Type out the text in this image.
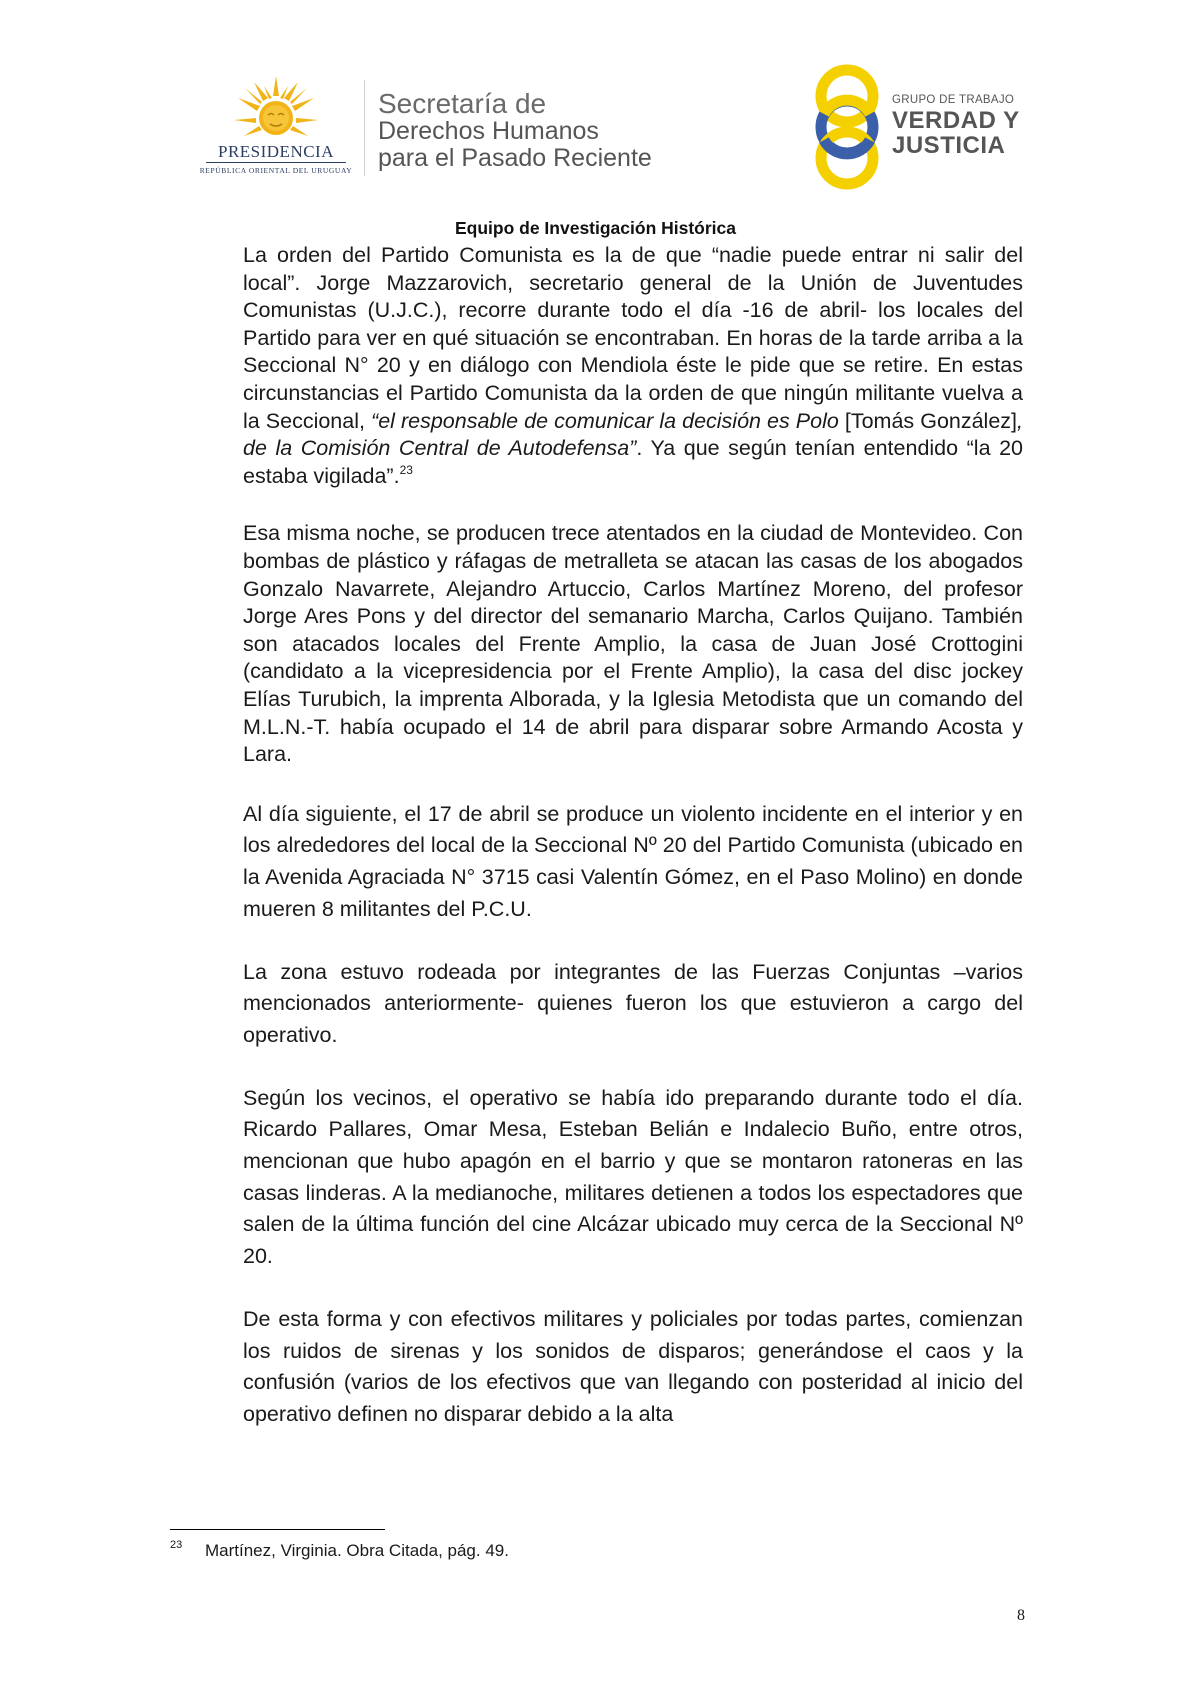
PRESIDENCIA
REPÚBLICA ORIENTAL DEL URUGUAY
Secretaría de
Derechos Humanos
para el Pasado Reciente
GRUPO DE TRABAJO
VERDAD Y
JUSTICIA
Equipo de Investigación Histórica

La orden del Partido Comunista es la de que “nadie puede entrar ni salir del local”. Jorge Mazzarovich, secretario general de la Unión de Juventudes Comunistas (U.J.C.), recorre durante todo el día -16 de abril- los locales del Partido para ver en qué situación se encontraban. En horas de la tarde arriba a la Seccional N° 20 y en diálogo con Mendiola éste le pide que se retire. En estas circunstancias el Partido Comunista da la orden de que ningún militante vuelva a la Seccional, “el responsable de comunicar la decisión es Polo [Tomás González], de la Comisión Central de Autodefensa”. Ya que según tenían entendido “la 20 estaba vigilada”.$^{23}$

Esa misma noche, se producen trece atentados en la ciudad de Montevideo. Con bombas de plástico y ráfagas de metralleta se atacan las casas de los abogados Gonzalo Navarrete, Alejandro Artuccio, Carlos Martínez Moreno, del profesor Jorge Ares Pons y del director del semanario Marcha, Carlos Quijano. También son atacados locales del Frente Amplio, la casa de Juan José Crottogini (candidato a la vicepresidencia por el Frente Amplio), la casa del disc jockey Elías Turubich, la imprenta Alborada, y la Iglesia Metodista que un comando del M.L.N.-T. había ocupado el 14 de abril para disparar sobre Armando Acosta y Lara.

Al día siguiente, el 17 de abril se produce un violento incidente en el interior y en los alrededores del local de la Seccional Nº 20 del Partido Comunista (ubicado en la Avenida Agraciada N° 3715 casi Valentín Gómez, en el Paso Molino) en donde mueren 8 militantes del P.C.U.

La zona estuvo rodeada por integrantes de las Fuerzas Conjuntas –varios mencionados anteriormente- quienes fueron los que estuvieron a cargo del operativo.

Según los vecinos, el operativo se había ido preparando durante todo el día. Ricardo Pallares, Omar Mesa, Esteban Belián e Indalecio Buño, entre otros, mencionan que hubo apagón en el barrio y que se montaron ratoneras en las casas linderas. A la medianoche, militares detienen a todos los espectadores que salen de la última función del cine Alcázar ubicado muy cerca de la Seccional Nº 20.

De esta forma y con efectivos militares y policiales por todas partes, comienzan los ruidos de sirenas y los sonidos de disparos; generándose el caos y la confusión (varios de los efectivos que van llegando con posteridad al inicio del operativo definen no disparar debido a la alta

23 Martínez, Virginia. Obra Citada, pág. 49.
8
